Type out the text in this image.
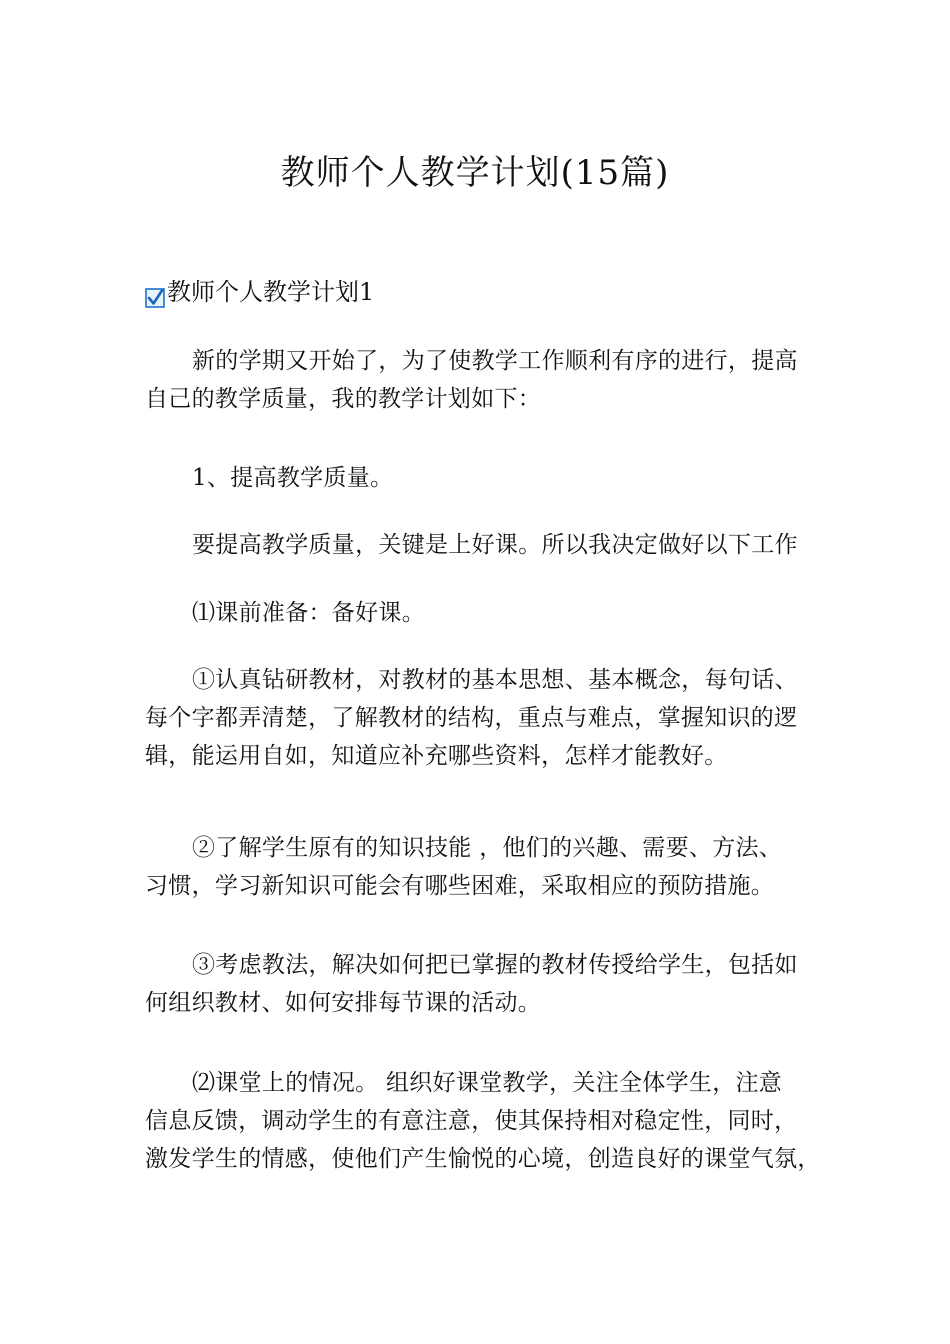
教师个人教学计划(15篇)
教师个人教学计划1
新的学期又开始了，为了使教学工作顺利有序的进行，提高
自己的教学质量，我的教学计划如下：
1、提高教学质量。
要提高教学质量，关键是上好课。所以我决定做好以下工作
⑴课前准备：备好课。
①认真钻研教材，对教材的基本思想、基本概念，每句话、
每个字都弄清楚，了解教材的结构，重点与难点，掌握知识的逻
辑，能运用自如，知道应补充哪些资料，怎样才能教好。
②了解学生原有的知识技能 ，他们的兴趣、需要、方法、
习惯，学习新知识可能会有哪些困难，采取相应的预防措施。
③考虑教法，解决如何把已掌握的教材传授给学生，包括如
何组织教材、如何安排每节课的活动。
⑵课堂上的情况。 组织好课堂教学，关注全体学生，注意
信息反馈，调动学生的有意注意，使其保持相对稳定性，同时，
激发学生的情感，使他们产生愉悦的心境，创造良好的课堂气氛，
